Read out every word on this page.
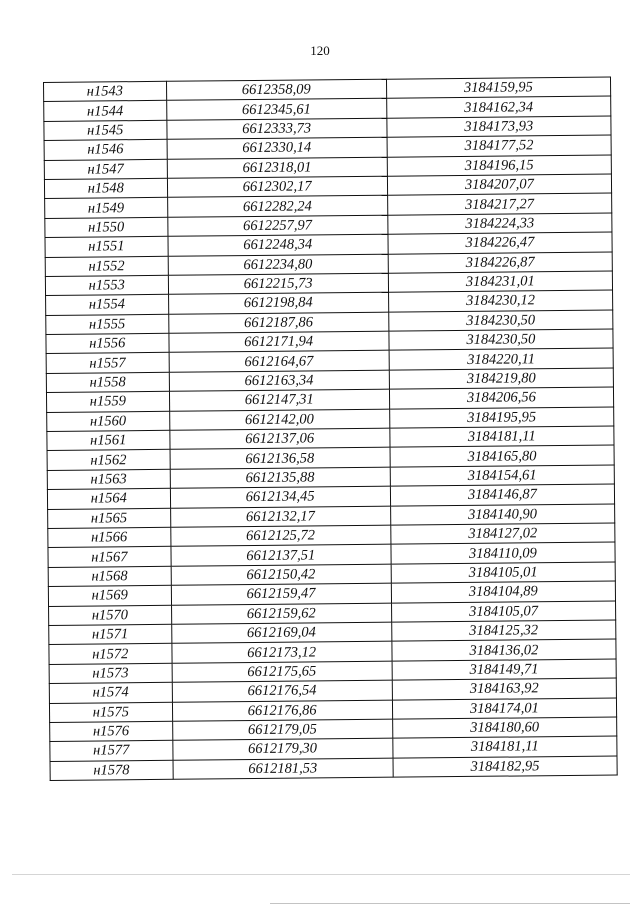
120
н1543	6612358,09	3184159,95
н1544	6612345,61	3184162,34
н1545	6612333,73	3184173,93
н1546	6612330,14	3184177,52
н1547	6612318,01	3184196,15
н1548	6612302,17	3184207,07
н1549	6612282,24	3184217,27
н1550	6612257,97	3184224,33
н1551	6612248,34	3184226,47
н1552	6612234,80	3184226,87
н1553	6612215,73	3184231,01
н1554	6612198,84	3184230,12
н1555	6612187,86	3184230,50
н1556	6612171,94	3184230,50
н1557	6612164,67	3184220,11
н1558	6612163,34	3184219,80
н1559	6612147,31	3184206,56
н1560	6612142,00	3184195,95
н1561	6612137,06	3184181,11
н1562	6612136,58	3184165,80
н1563	6612135,88	3184154,61
н1564	6612134,45	3184146,87
н1565	6612132,17	3184140,90
н1566	6612125,72	3184127,02
н1567	6612137,51	3184110,09
н1568	6612150,42	3184105,01
н1569	6612159,47	3184104,89
н1570	6612159,62	3184105,07
н1571	6612169,04	3184125,32
н1572	6612173,12	3184136,02
н1573	6612175,65	3184149,71
н1574	6612176,54	3184163,92
н1575	6612176,86	3184174,01
н1576	6612179,05	3184180,60
н1577	6612179,30	3184181,11
н1578	6612181,53	3184182,95
